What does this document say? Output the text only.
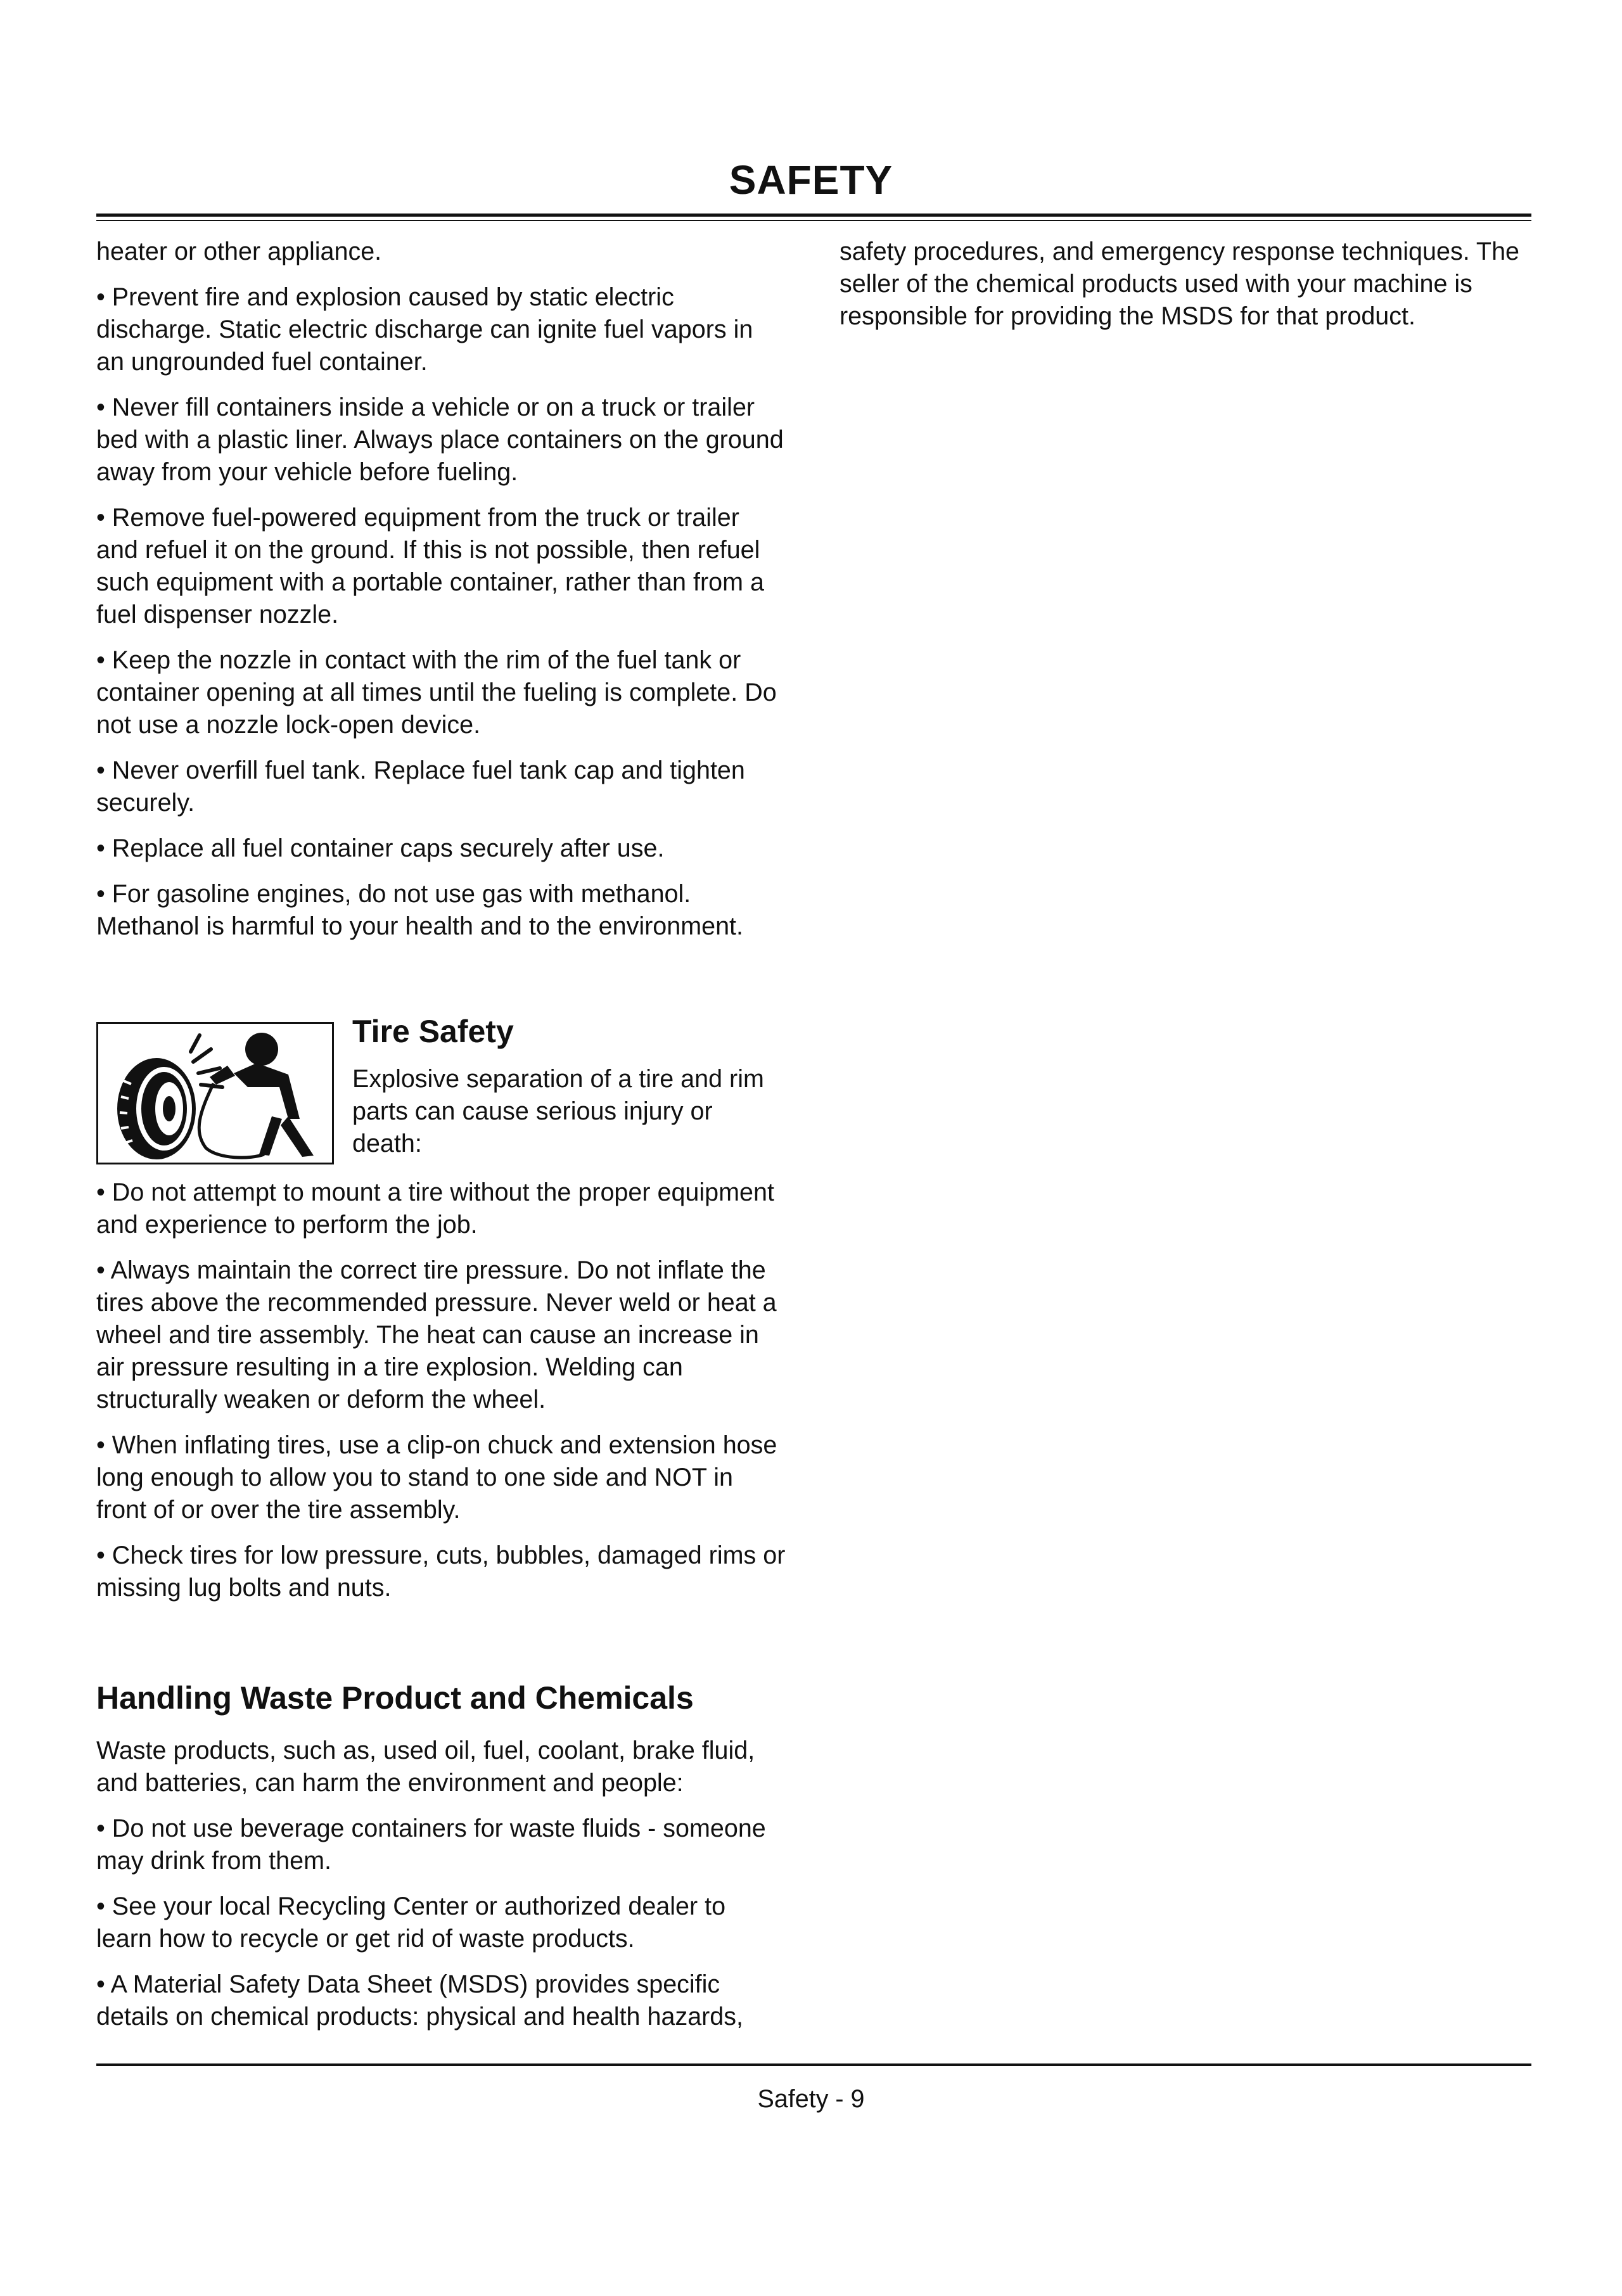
SAFETY

heater or other appliance.

• Prevent fire and explosion caused by static electric discharge. Static electric discharge can ignite fuel vapors in an ungrounded fuel container.

• Never fill containers inside a vehicle or on a truck or trailer bed with a plastic liner. Always place containers on the ground away from your vehicle before fueling.

• Remove fuel-powered equipment from the truck or trailer and refuel it on the ground. If this is not possible, then refuel such equipment with a portable container, rather than from a fuel dispenser nozzle.

• Keep the nozzle in contact with the rim of the fuel tank or container opening at all times until the fueling is complete. Do not use a nozzle lock-open device.

• Never overfill fuel tank. Replace fuel tank cap and tighten securely.

• Replace all fuel container caps securely after use.

• For gasoline engines, do not use gas with methanol. Methanol is harmful to your health and to the environment.

Tire Safety

Explosive separation of a tire and rim parts can cause serious injury or death:

• Do not attempt to mount a tire without the proper equipment and experience to perform the job.

• Always maintain the correct tire pressure. Do not inflate the tires above the recommended pressure. Never weld or heat a wheel and tire assembly. The heat can cause an increase in air pressure resulting in a tire explosion. Welding can structurally weaken or deform the wheel.

• When inflating tires, use a clip-on chuck and extension hose long enough to allow you to stand to one side and NOT in front of or over the tire assembly.

• Check tires for low pressure, cuts, bubbles, damaged rims or missing lug bolts and nuts.

Handling Waste Product and Chemicals

Waste products, such as, used oil, fuel, coolant, brake fluid, and batteries, can harm the environment and people:

• Do not use beverage containers for waste fluids - someone may drink from them.

• See your local Recycling Center or authorized dealer to learn how to recycle or get rid of waste products.

• A Material Safety Data Sheet (MSDS) provides specific details on chemical products: physical and health hazards,

safety procedures, and emergency response techniques. The seller of the chemical products used with your machine is responsible for providing the MSDS for that product.

Safety - 9
